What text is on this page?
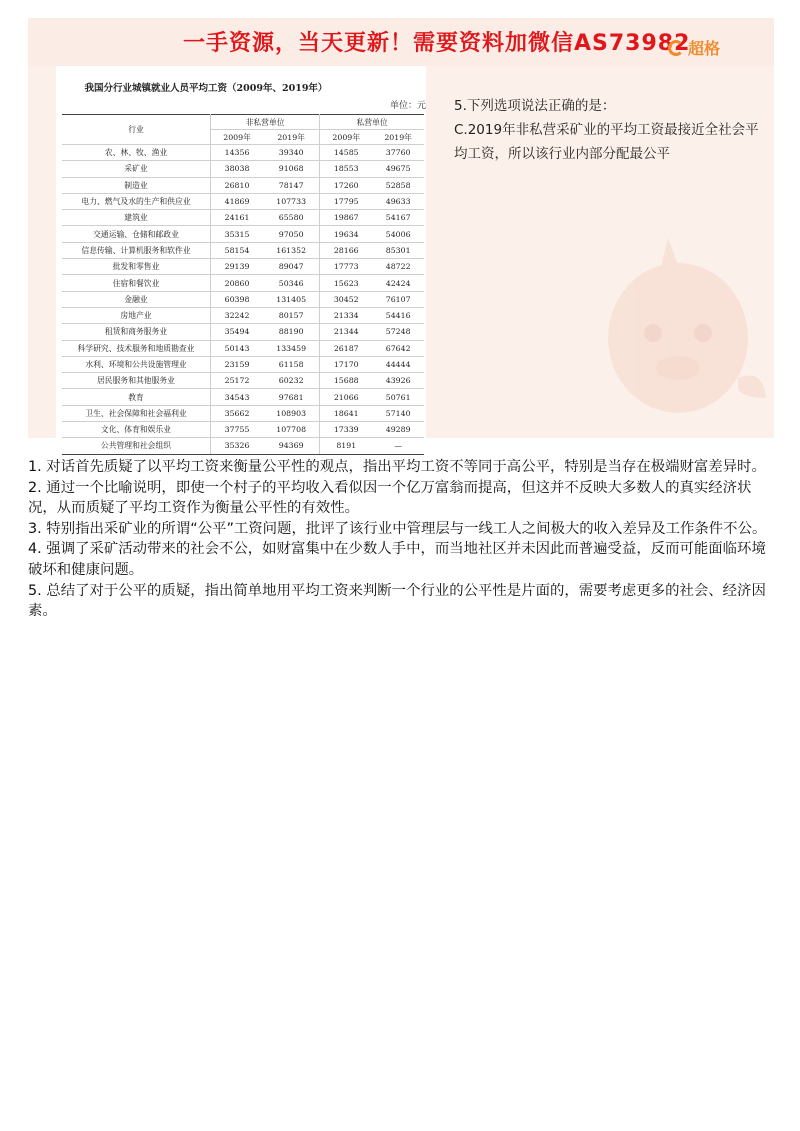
一手资源，当天更新！需要资料加微信AS73982
超格
我国分行业城镇就业人员平均工资（2009年、2019年）
单位：元
行业	非私营单位		私营单位	
	2009年	2019年	2009年	2019年
农、林、牧、渔业	14356	39340	14585	37760
采矿业	38038	91068	18553	49675
制造业	26810	78147	17260	52858
电力、燃气及水的生产和供应业	41869	107733	17795	49633
建筑业	24161	65580	19867	54167
交通运输、仓储和邮政业	35315	97050	19634	54006
信息传输、计算机服务和软件业	58154	161352	28166	85301
批发和零售业	29139	89047	17773	48722
住宿和餐饮业	20860	50346	15623	42424
金融业	60398	131405	30452	76107
房地产业	32242	80157	21334	54416
租赁和商务服务业	35494	88190	21344	57248
科学研究、技术服务和地质勘查业	50143	133459	26187	67642
水利、环境和公共设施管理业	23159	61158	17170	44444
居民服务和其他服务业	25172	60232	15688	43926
教育	34543	97681	21066	50761
卫生、社会保障和社会福利业	35662	108903	18641	57140
文化、体育和娱乐业	37755	107708	17339	49289
公共管理和社会组织	35326	94369	8191	—
5.下列选项说法正确的是：
C.2019年非私营采矿业的平均工资最接近全社会平
均工资，所以该行业内部分配最公平

1. 对话首先质疑了以平均工资来衡量公平性的观点，指出平均工资不等同于高公平，特别是当存在极端财富差异时。

2. 通过一个比喻说明，即使一个村子的平均收入看似因一个亿万富翁而提高，但这并不反映大多数人的真实经济状况，从而质疑了平均工资作为衡量公平性的有效性。

3. 特别指出采矿业的所谓“公平”工资问题，批评了该行业中管理层与一线工人之间极大的收入差异及工作条件不公。

4. 强调了采矿活动带来的社会不公，如财富集中在少数人手中，而当地社区并未因此而普遍受益，反而可能面临环境破坏和健康问题。

5. 总结了对于公平的质疑，指出简单地用平均工资来判断一个行业的公平性是片面的，需要考虑更多的社会、经济因素。
